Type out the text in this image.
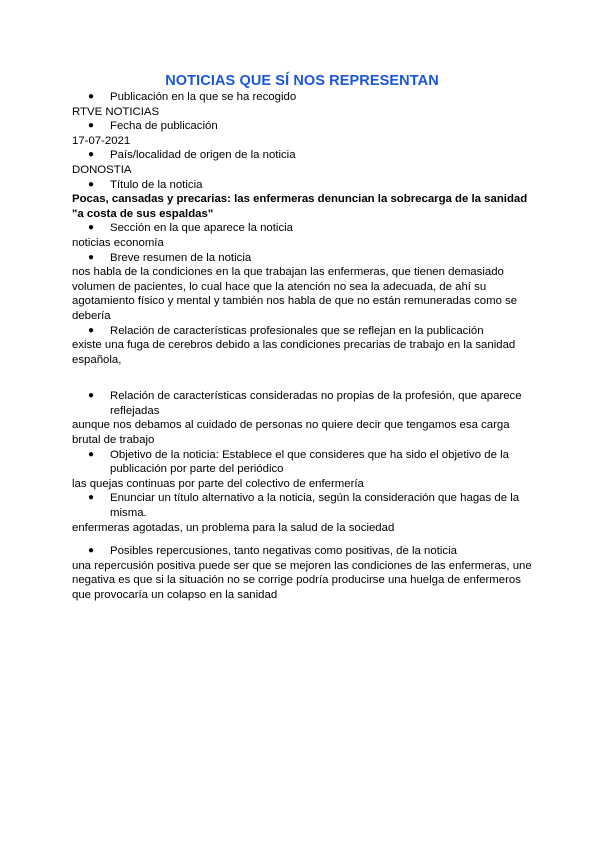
NOTICIAS QUE SÍ NOS REPRESENTAN
● Publicación en la que se ha recogido

RTVE NOTICIAS

● Fecha de publicación

17-07-2021

● País/localidad de origen de la noticia

DONOSTIA

● Título de la noticia

Pocas, cansadas y precarias: las enfermeras denuncian la sobrecarga de la sanidad "a costa de sus espaldas"

● Sección en la que aparece la noticia

noticias economía

● Breve resumen de la noticia

nos habla de la condiciones en la que trabajan las enfermeras, que tienen demasiado volumen de pacientes, lo cual hace que la atención no sea la adecuada, de ahí su agotamiento físico y mental y también nos habla de que no están remuneradas como se debería

● Relación de características profesionales que se reflejan en la publicación

existe una fuga de cerebros debido a las condiciones precarias de trabajo en la sanidad española,

● Relación de características consideradas no propias de la profesión, que aparece reflejadas

aunque nos debamos al cuidado de personas no quiere decir que tengamos esa carga brutal de trabajo

● Objetivo de la noticia: Establece el que consideres que ha sido el objetivo de la publicación por parte del periódico

las quejas continuas por parte del colectivo de enfermería

● Enunciar un título alternativo a la noticia, según la consideración que hagas de la misma.

enfermeras agotadas, un problema para la salud de la sociedad

● Posibles repercusiones, tanto negativas como positivas, de la noticia

una repercusión positiva puede ser que se mejoren las condiciones de las enfermeras, une negativa es que si la situación no se corrige podría producirse una huelga de enfermeros que provocaría un colapso en la sanidad
